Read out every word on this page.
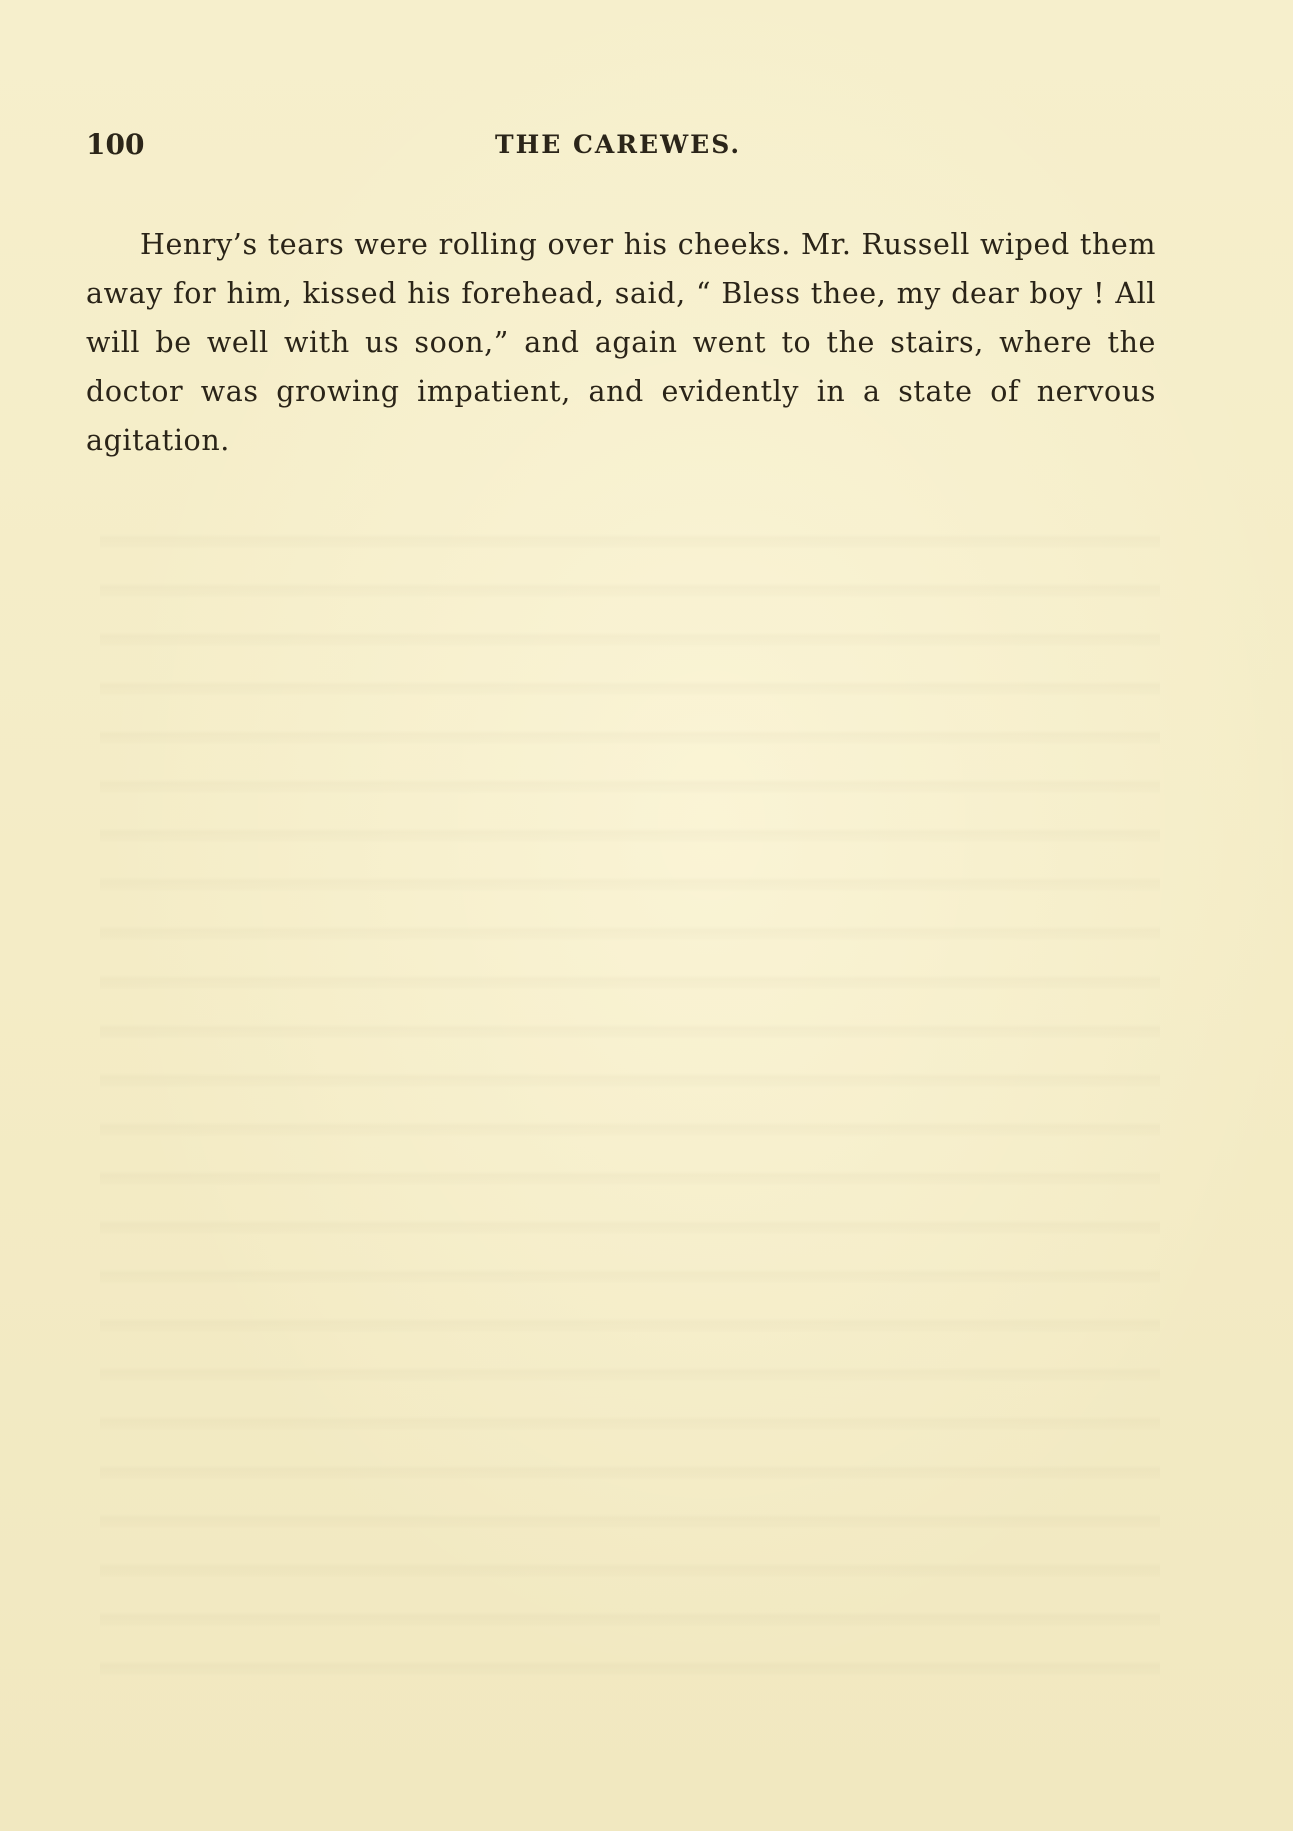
100	THE CAREWES.

Henry’s tears were rolling over his cheeks. Mr. Russell wiped them away for him, kissed his forehead, said, “ Bless thee, my dear boy ! All will be well with us soon,” and again went to the stairs, where the doctor was growing impatient, and evidently in a state of nervous agitation.
